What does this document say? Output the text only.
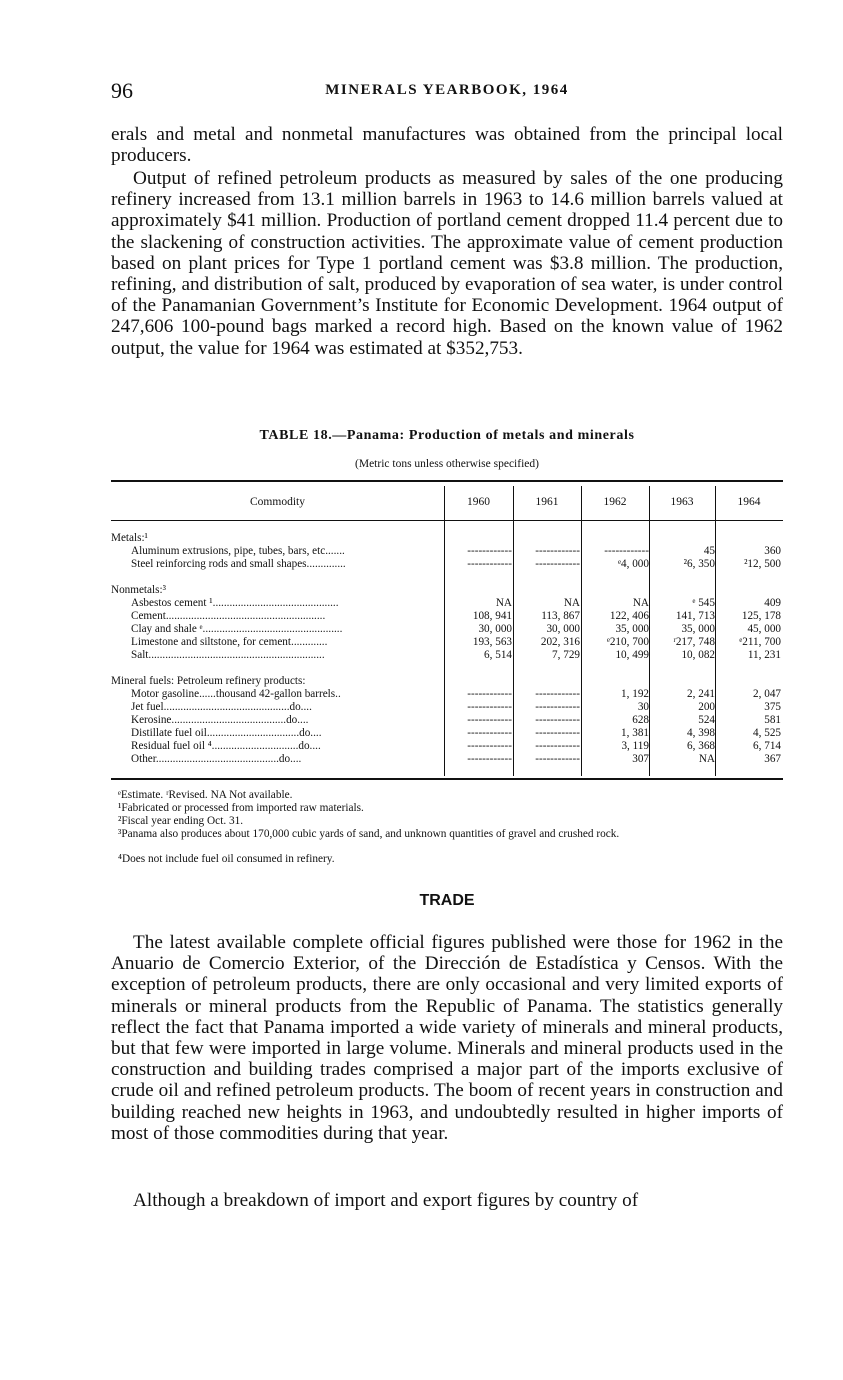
96	MINERALS YEARBOOK, 1964

erals and metal and nonmetal manufactures was obtained from the principal local producers.

Output of refined petroleum products as measured by sales of the one producing refinery increased from 13.1 million barrels in 1963 to 14.6 million barrels valued at approximately $41 million. Production of portland cement dropped 11.4 percent due to the slackening of construction activities. The approximate value of cement production based on plant prices for Type 1 portland cement was $3.8 million. The production, refining, and distribution of salt, produced by evaporation of sea water, is under control of the Panamanian Government’s Institute for Economic Development. 1964 output of 247,606 100-pound bags marked a record high. Based on the known value of 1962 output, the value for 1964 was estimated at $352,753.

TABLE 18.—Panama: Production of metals and minerals
(Metric tons unless otherwise specified)
Commodity	1960	1961	1962	1963	1964
Metals:¹
Aluminum extrusions, pipe, tubes, bars, etc.......	------------	------------	------------	45	360
Steel reinforcing rods and small shapes..............	------------	------------	ᵉ4, 000	²6, 350	²12, 500
Nonmetals:³
Asbestos cement ¹.............................................	NA	NA	NA	ᵉ 545	409
Cement.........................................................	108, 941	113, 867	122, 406	141, 713	125, 178
Clay and shale ᵉ..................................................	30, 000	30, 000	35, 000	35, 000	45, 000
Limestone and siltstone, for cement.............	193, 563	202, 316	ᵉ210, 700	ʳ217, 748	ᵉ211, 700
Salt...............................................................	6, 514	7, 729	10, 499	10, 082	11, 231
Mineral fuels: Petroleum refinery products:
Motor gasoline......thousand 42-gallon barrels..	------------	------------	1, 192	2, 241	2, 047
Jet fuel.............................................do....	------------	------------	30	200	375
Kerosine.........................................do....	------------	------------	628	524	581
Distillate fuel oil.................................do....	------------	------------	1, 381	4, 398	4, 525
Residual fuel oil ⁴...............................do....	------------	------------	3, 119	6, 368	6, 714
Other............................................do....	------------	------------	307	NA	367
ᵉEstimate. ʳRevised. NA Not available.
¹Fabricated or processed from imported raw materials.
²Fiscal year ending Oct. 31.
³Panama also produces about 170,000 cubic yards of sand, and unknown quantities of gravel and crushed rock.
⁴Does not include fuel oil consumed in refinery.
TRADE

The latest available complete official figures published were those for 1962 in the Anuario de Comercio Exterior, of the Dirección de Estadística y Censos. With the exception of petroleum products, there are only occasional and very limited exports of minerals or mineral products from the Republic of Panama. The statistics generally reflect the fact that Panama imported a wide variety of minerals and mineral products, but that few were imported in large volume. Minerals and mineral products used in the construction and building trades comprised a major part of the imports exclusive of crude oil and refined petroleum products. The boom of recent years in construction and building reached new heights in 1963, and undoubtedly resulted in higher imports of most of those commodities during that year.

Although a breakdown of import and export figures by country of
